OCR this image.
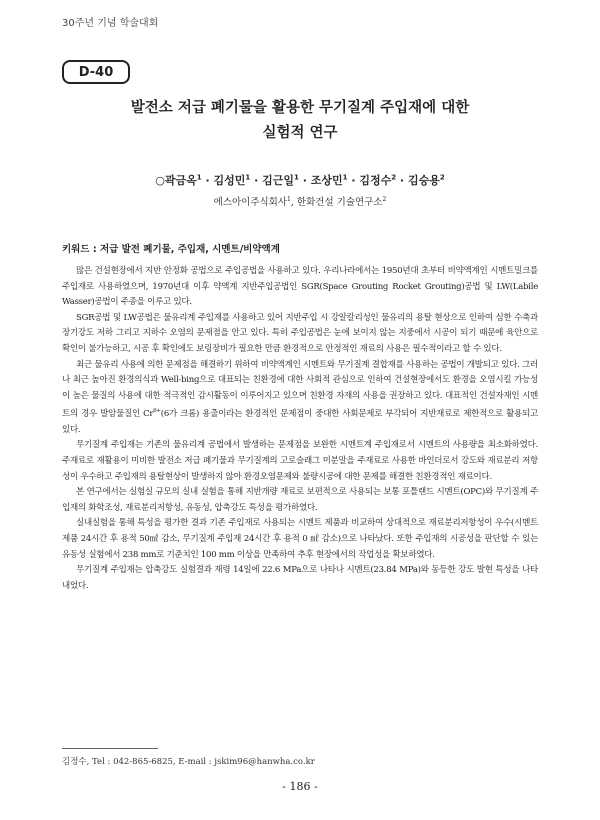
30주년 기념 학술대회
D-40
발전소 저급 폐기물을 활용한 무기질계 주입재에 대한
실험적 연구
○곽금옥$^1$ · 김성민$^1$ · 김근일$^1$ · 조상민$^1$ · 김정수$^2$ · 김승용$^2$
에스아이주식회사$^1$, 한화건설 기술연구소$^2$
키워드 : 저급 발전 폐기물, 주입재, 시멘트/비약액계

많은 건설현장에서 지반 안정화 공법으로 주입공법을 사용하고 있다. 우리나라에서는 1950년대 초부터 비약액계인 시멘트밀크를 주입재로 사용하였으며, 1970년대 이후 약액계 지반주입공법인 SGR(Space Grouting Rocket Grouting)공법 및 LW(Labile Wasser)공법이 주종을 이루고 있다.

SGR공법 및 LW공법은 물유리계 주입재를 사용하고 있어 지반주입 시 강알칼리성인 물유리의 용탈 현상으로 인하여 심한 수축과 장기강도 저하 그리고 지하수 오염의 문제점을 안고 있다. 특히 주입공법은 눈에 보이지 않는 지중에서 시공이 되기 때문에 육안으로 확인이 불가능하고, 시공 후 확인에도 보링장비가 필요한 만큼 환경적으로 안정적인 재료의 사용은 필수적이라고 할 수 있다.

최근 물유리 사용에 의한 문제점을 해결하기 위하여 비약액계인 시멘트와 무기질계 결합재를 사용하는 공법이 개발되고 있다. 그러나 최근 높아진 환경의식과 Well-bing으로 대표되는 친환경에 대한 사회적 관심으로 인하여 건설현장에서도 환경을 오염시킬 가능성이 높은 물질의 사용에 대한 적극적인 감시활동이 이루어지고 있으며 친환경 자재의 사용을 권장하고 있다. 대표적인 건설자재인 시멘트의 경우 발암물질인 $Cr^{6+}(6$가 크롬) 용출이라는 환경적인 문제점이 중대한 사회문제로 부각되어 지반재료로 제한적으로 활용되고 있다.

무기질계 주입재는 기존의 물유리계 공법에서 발생하는 문제점을 보완한 시멘트계 주입재로서 시멘트의 사용량을 최소화하였다. 주재료로 재활용이 미비한 발전소 저급 폐기물과 무기질계의 고로슬래그 미분말을 주재료로 사용한 바인더로서 강도와 재료분리 저항성이 우수하고 주입재의 용탈현상이 발생하지 않아 환경오염문제와 불량시공에 대한 문제를 해결한 친환경적인 재료이다.

본 연구에서는 실험실 규모의 실내 실험을 통해 지반개량 재료로 보편적으로 사용되는 보통 포틀랜드 시멘트(OPC)와 무기질계 주입재의 화학조성, 재료분리저항성, 유동성, 압축강도 특성을 평가하였다.

실내실험을 통해 특성을 평가한 결과 기존 주입재로 사용되는 시멘트 제품과 비교하여 상대적으로 재료분리저항성이 우수(시멘트 제품 24시간 후 용적 50㎖ 감소, 무기질계 주입재 24시간 후 용적 0 ㎖ 감소)으로 나타났다. 또한 주입재의 시공성을 판단할 수 있는 유동성 실험에서 238 mm로 기준치인 100 mm 이상을 만족하여 추후 현장에서의 작업성을 확보하였다.

무기질계 주입재는 압축강도 실험결과 재령 14일에 22.6 MPa으로 나타나 시멘트(23.84 MPa)와 동등한 강도 발현 특성을 나타내었다.

김정수, Tel : 042-865-6825, E-mail : jskim96@hanwha.co.kr
- 186 -
